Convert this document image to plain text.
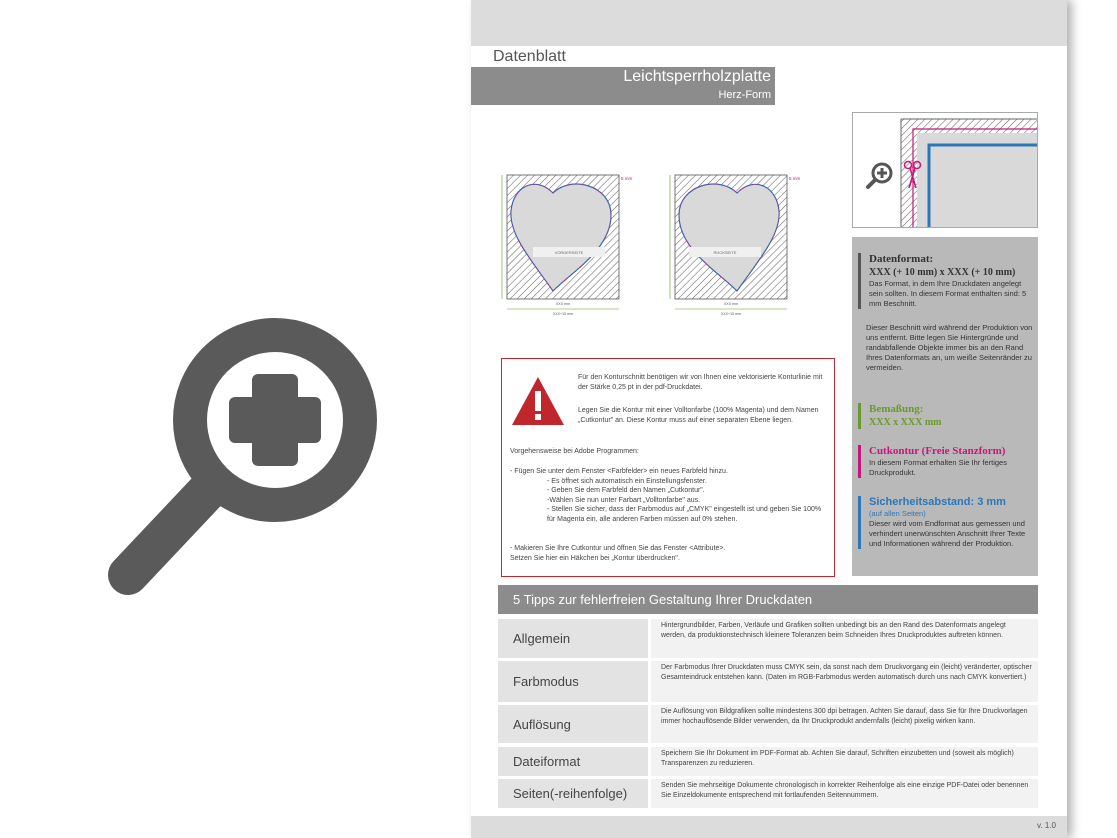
Datenblatt
Leichtsperrholzplatte
Herz-Form
VORDERSEITE
5 mm
XXX+10 mm
XXX mm
RÜCKSEITE
5 mm
XXX+10 mm
XXX mm
Für den Konturschnitt benötigen wir von Ihnen eine vektorisierte Konturlinie mit der Stärke 0,25 pt in der pdf-Druckdatei.
Legen Sie die Kontur mit einer Volltonfarbe (100% Magenta) und dem Namen „Cutkontur" an. Diese Kontur muss auf einer separaten Ebene liegen.
Vorgehensweise bei Adobe Programmen:
- Fügen Sie unter dem Fenster <Farbfelder> ein neues Farbfeld hinzu.
- Es öffnet sich automatisch ein Einstellungsfenster.
- Geben Sie dem Farbfeld den Namen „Cutkontur".
-Wählen Sie nun unter Farbart „Volltonfarbe" aus.
- Stellen Sie sicher, dass der Farbmodus auf „CMYK" eingestellt ist und geben Sie 100% für Magenta ein, alle anderen Farben müssen auf 0% stehen.
- Makieren Sie Ihre Cutkontur und öffnen Sie das Fenster <Attribute>.
Setzen Sie hier ein Häkchen bei „Kontur überdrucken".
Datenformat:
XXX (+ 10 mm) x XXX (+ 10 mm)
Das Format, in dem Ihre Druckdaten angelegt sein sollten. In diesem Format enthalten sind: 5 mm Beschnitt.
Dieser Beschnitt wird während der Produktion von uns entfernt. Bitte legen Sie Hintergründe und randabfallende Objekte immer bis an den Rand Ihres Datenformats an, um weiße Seitenränder zu vermeiden.
Bemaßung:
XXX x XXX mm
Cutkontur (Freie Stanzform)
In diesem Format erhalten Sie Ihr fertiges Druckprodukt.
Sicherheitsabstand: 3 mm
(auf allen Seiten)
Dieser wird vom Endformat aus gemessen und verhindert unerwünschten Anschnitt Ihrer Texte und Informationen während der Produktion.
5 Tipps zur fehlerfreien Gestaltung Ihrer Druckdaten
Allgemein
Hintergrundbilder, Farben, Verläufe und Grafiken sollten unbedingt bis an den Rand des Datenformats angelegt werden, da produktionstechnisch kleinere Toleranzen beim Schneiden Ihres Druckproduktes auftreten können.
Farbmodus
Der Farbmodus Ihrer Druckdaten muss CMYK sein, da sonst nach dem Druckvorgang ein (leicht) veränderter, optischer Gesamteindruck entstehen kann. (Daten im RGB-Farbmodus werden automatisch durch uns nach CMYK konvertiert.)
Auflösung
Die Auflösung von Bildgrafiken sollte mindestens 300 dpi betragen. Achten Sie darauf, dass Sie für Ihre Druckvorlagen immer hochauflösende Bilder verwenden, da Ihr Druckprodukt andernfalls (leicht) pixelig wirken kann.
Dateiformat
Speichern Sie Ihr Dokument im PDF-Format ab. Achten Sie darauf, Schriften einzubetten und (soweit als möglich) Transparenzen zu reduzieren.
Seiten(-reihenfolge)
Senden Sie mehrseitige Dokumente chronologisch in korrekter Reihenfolge als eine einzige PDF-Datei oder benennen Sie Einzeldokumente entsprechend mit fortlaufenden Seitennummern.
v. 1.0
